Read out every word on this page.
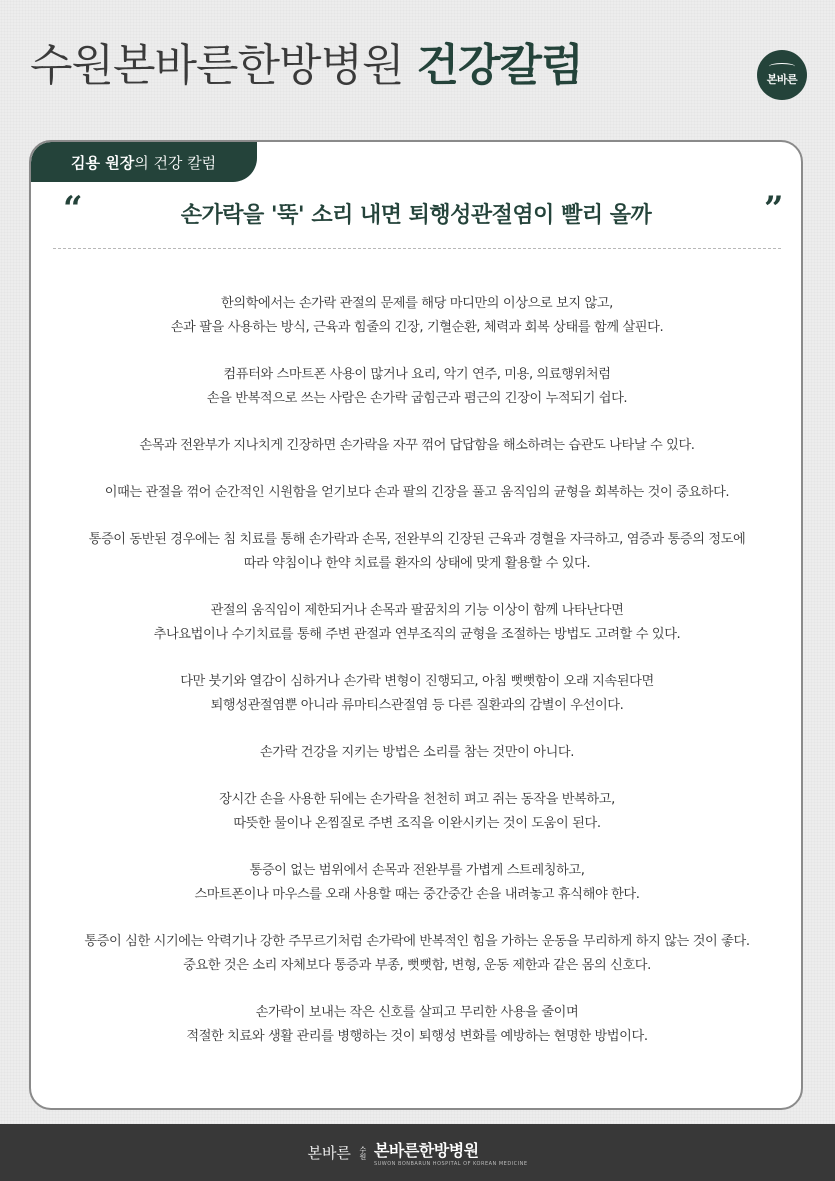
수원본바른한방병원 건강칼럼	본바른
김용 원장 의 건강 칼럼
“	손가락을 '뚝' 소리 내면 퇴행성관절염이 빨리 올까	”

한의학에서는 손가락 관절의 문제를 해당 마디만의 이상으로 보지 않고,
손과 팔을 사용하는 방식, 근육과 힘줄의 긴장, 기혈순환, 체력과 회복 상태를 함께 살핀다.

컴퓨터와 스마트폰 사용이 많거나 요리, 악기 연주, 미용, 의료행위처럼
손을 반복적으로 쓰는 사람은 손가락 굽힘근과 폄근의 긴장이 누적되기 쉽다.

손목과 전완부가 지나치게 긴장하면 손가락을 자꾸 꺾어 답답함을 해소하려는 습관도 나타날 수 있다.

이때는 관절을 꺾어 순간적인 시원함을 얻기보다 손과 팔의 긴장을 풀고 움직임의 균형을 회복하는 것이 중요하다.

통증이 동반된 경우에는 침 치료를 통해 손가락과 손목, 전완부의 긴장된 근육과 경혈을 자극하고, 염증과 통증의 정도에
따라 약침이나 한약 치료를 환자의 상태에 맞게 활용할 수 있다.

관절의 움직임이 제한되거나 손목과 팔꿈치의 기능 이상이 함께 나타난다면
추나요법이나 수기치료를 통해 주변 관절과 연부조직의 균형을 조절하는 방법도 고려할 수 있다.

다만 붓기와 열감이 심하거나 손가락 변형이 진행되고, 아침 뻣뻣함이 오래 지속된다면
퇴행성관절염뿐 아니라 류마티스관절염 등 다른 질환과의 감별이 우선이다.

손가락 건강을 지키는 방법은 소리를 참는 것만이 아니다.

장시간 손을 사용한 뒤에는 손가락을 천천히 펴고 쥐는 동작을 반복하고,
따뜻한 물이나 온찜질로 주변 조직을 이완시키는 것이 도움이 된다.

통증이 없는 범위에서 손목과 전완부를 가볍게 스트레칭하고,
스마트폰이나 마우스를 오래 사용할 때는 중간중간 손을 내려놓고 휴식해야 한다.

통증이 심한 시기에는 악력기나 강한 주무르기처럼 손가락에 반복적인 힘을 가하는 운동을 무리하게 하지 않는 것이 좋다.
중요한 것은 소리 자체보다 통증과 부종, 뻣뻣함, 변형, 운동 제한과 같은 몸의 신호다.

손가락이 보내는 작은 신호를 살피고 무리한 사용을 줄이며
적절한 치료와 생활 관리를 병행하는 것이 퇴행성 변화를 예방하는 현명한 방법이다.

본바른 수원 본바른한방병원
SUWON BONBARUN HOSPITAL OF KOREAN MEDICINE
